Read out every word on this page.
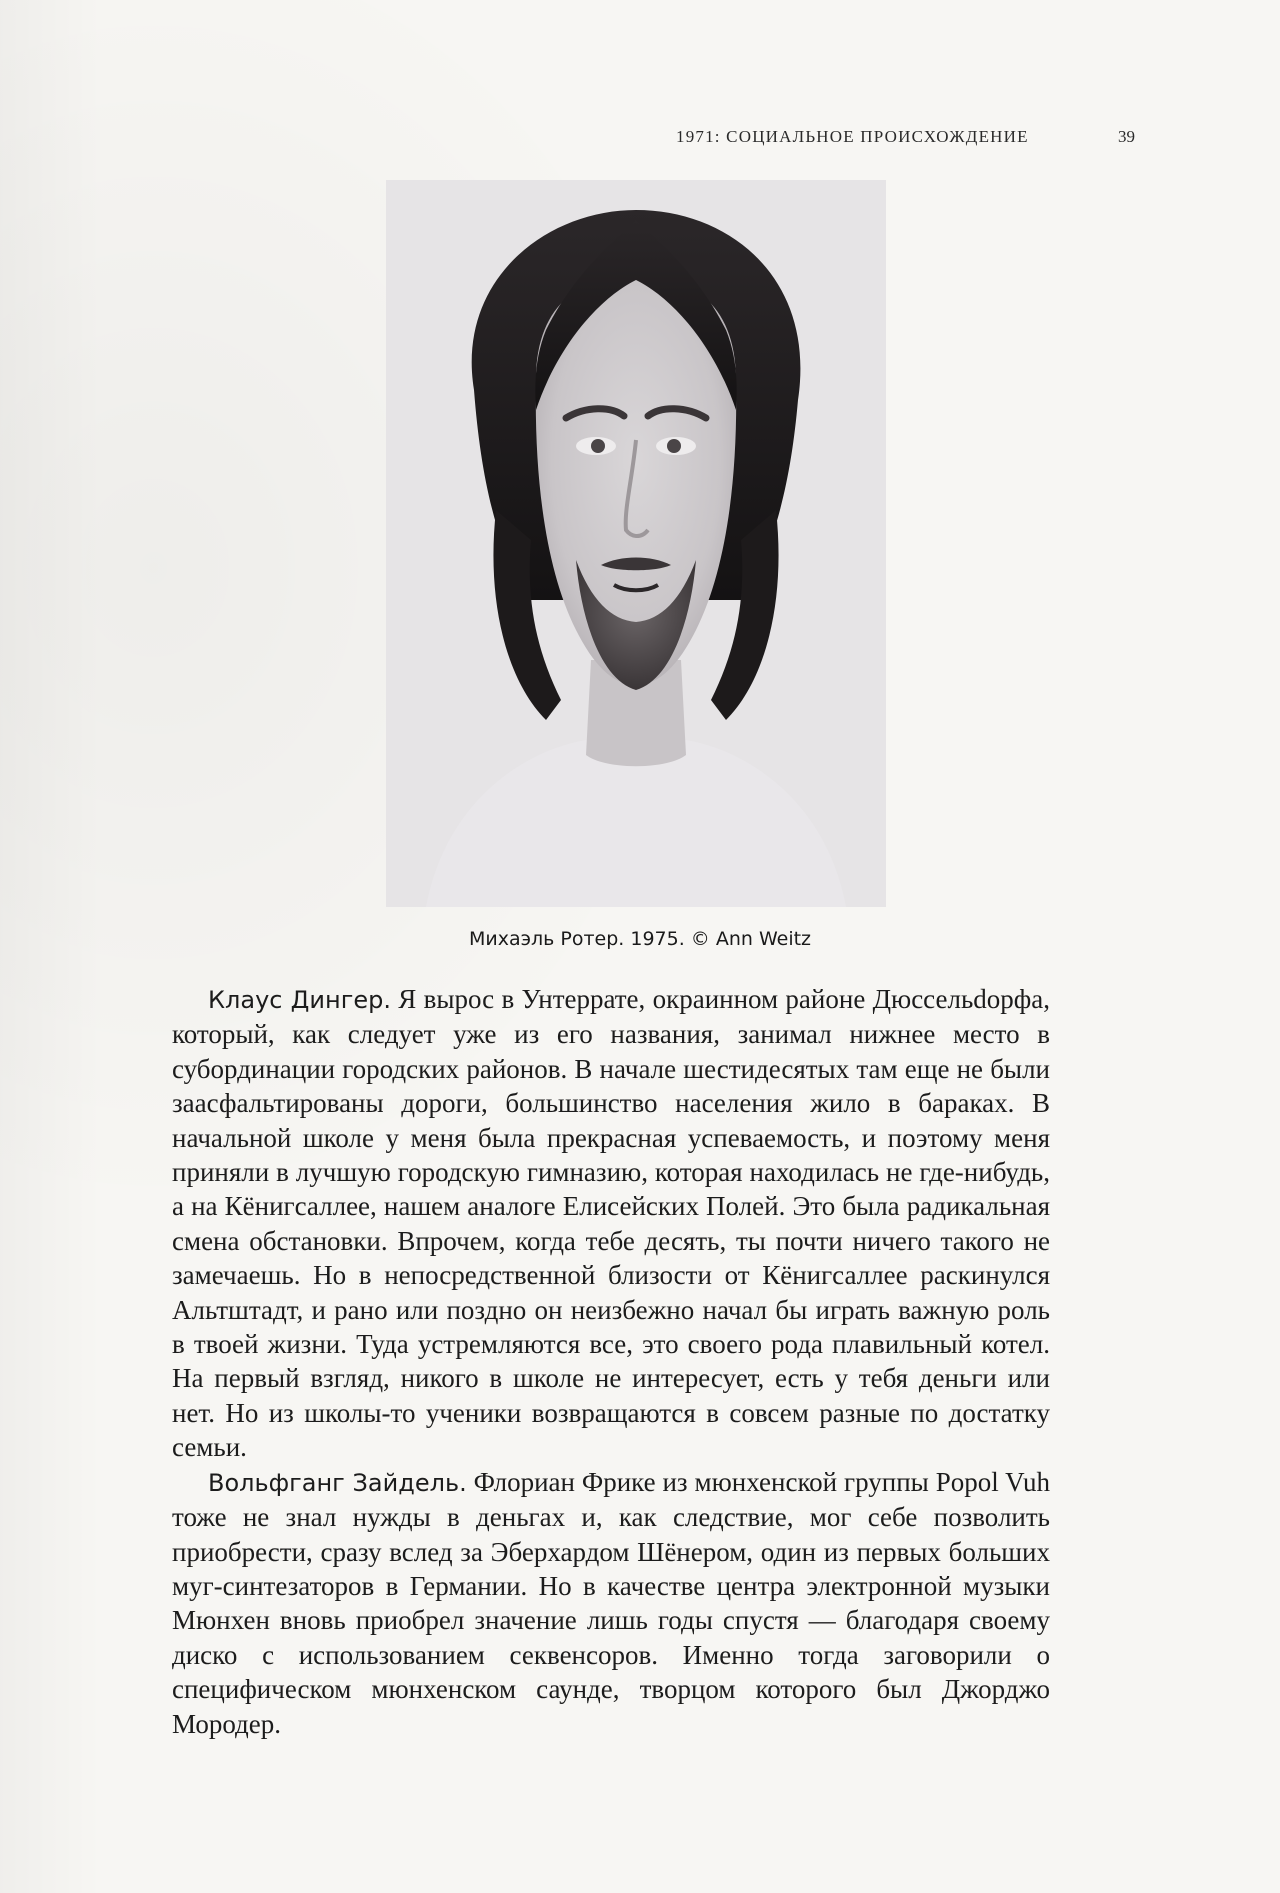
1971: СОЦИАЛЬНОЕ ПРОИСХОЖДЕНИЕ	39
Михаэль Ротер. 1975. © Ann Weitz

Клаус Дингер. Я вырос в Унтеррате, окраинном районе Дюссельdорфа, который, как следует уже из его названия, занимал нижнее место в субординации городских районов. В начале шестидесятых там еще не были заасфальтированы дороги, большинство населения жило в бараках. В начальной школе у меня была прекрасная успеваемость, и поэтому меня приняли в лучшую городскую гимназию, которая находилась не где-нибудь, а на Кёнигсаллее, нашем аналоге Елисейских Полей. Это была радикальная смена обстановки. Впрочем, когда тебе десять, ты почти ничего такого не замечаешь. Но в непосредственной близости от Кёнигсаллее раскинулся Альтштадт, и рано или поздно он неизбежно начал бы играть важную роль в твоей жизни. Туда устремляются все, это своего рода плавильный котел. На первый взгляд, никого в школе не интересует, есть у тебя деньги или нет. Но из школы-то ученики возвращаются в совсем разные по достатку семьи.

Вольфганг Зайдель. Флориан Фрике из мюнхенской группы Popol Vuh тоже не знал нужды в деньгах и, как следствие, мог себе позволить приобрести, сразу вслед за Эберхардом Шёнером, один из первых больших муг-синтезаторов в Германии. Но в качестве центра электронной музыки Мюнхен вновь приобрел значение лишь годы спустя — благодаря своему диско с использованием секвенсоров. Именно тогда заговорили о специфическом мюнхенском саунде, творцом которого был Джорджо Мородер.
